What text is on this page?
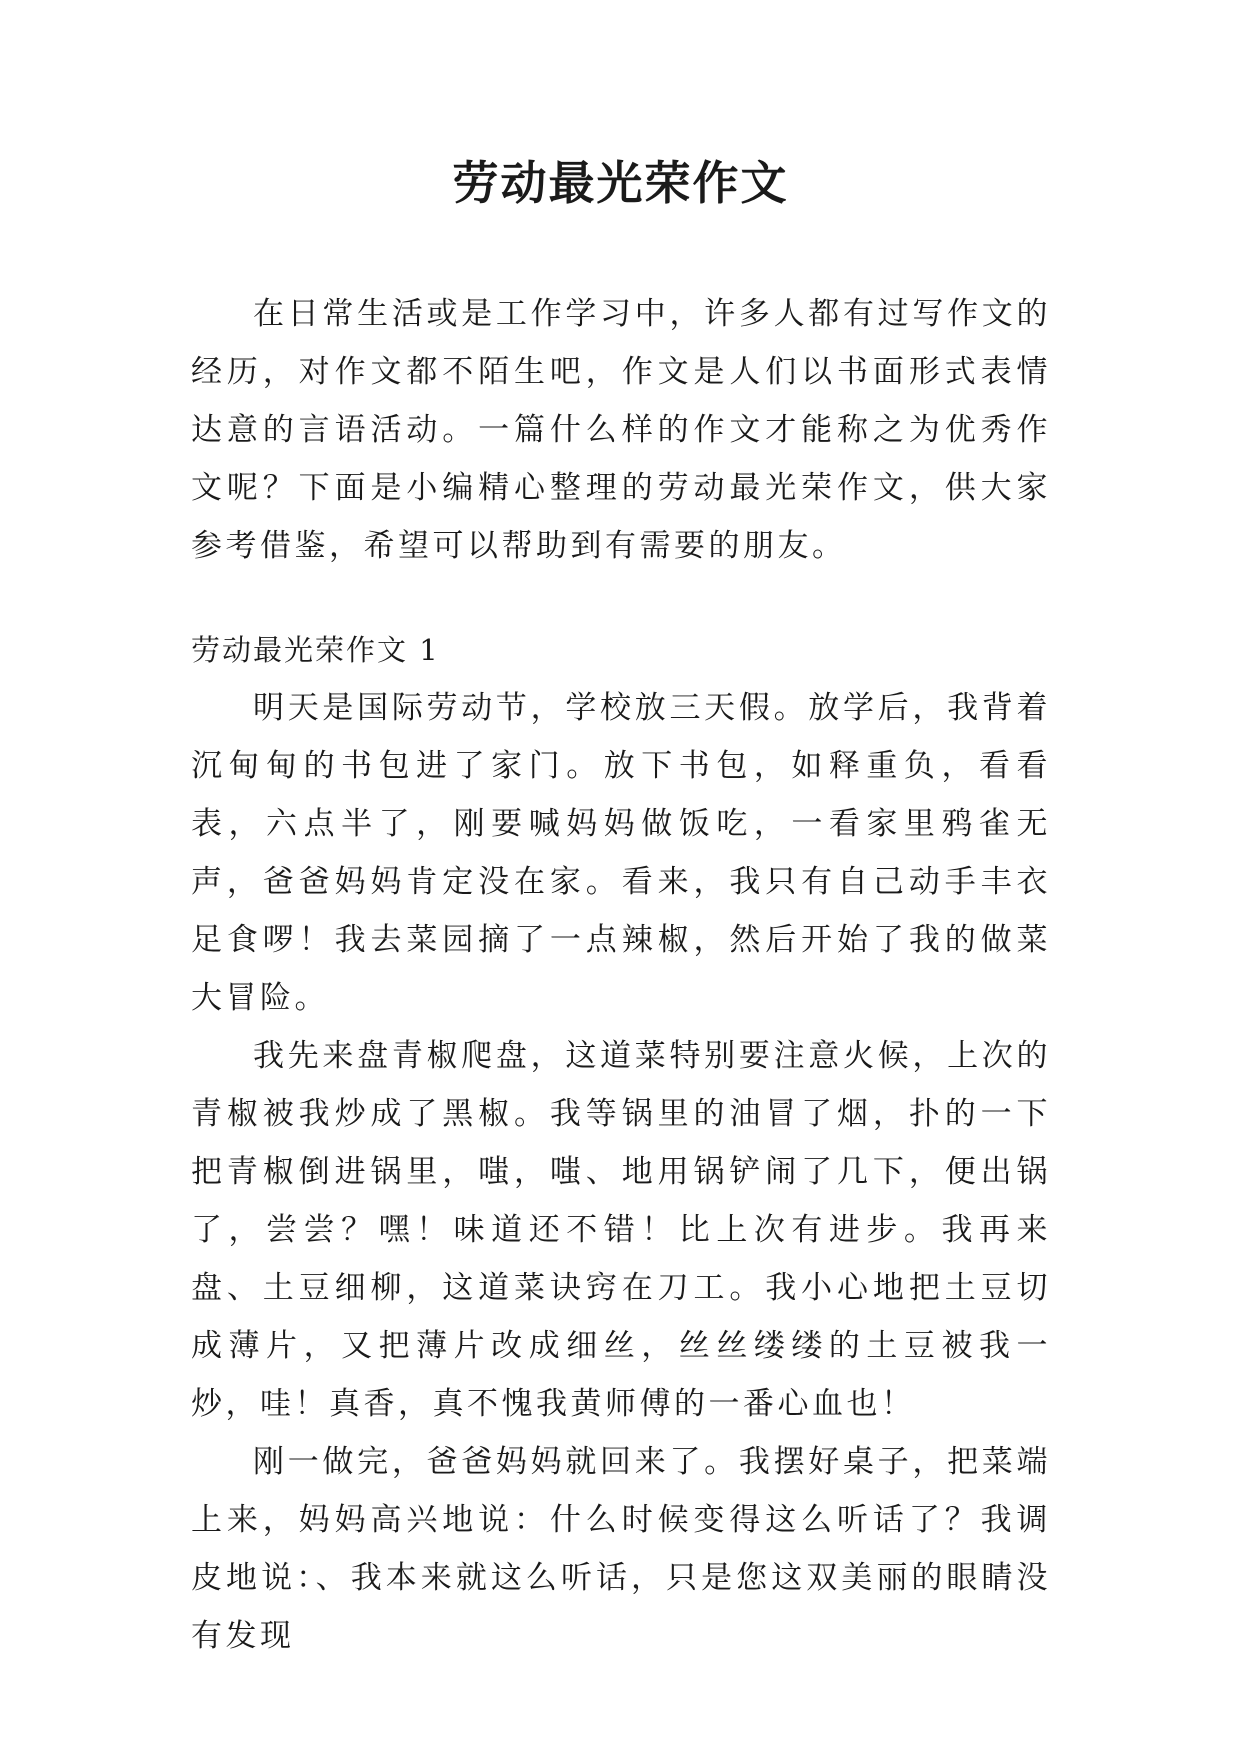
劳动最光荣作文

在日常生活或是工作学习中，许多人都有过写作文的经历，对作文都不陌生吧，作文是人们以书面形式表情达意的言语活动。一篇什么样的作文才能称之为优秀作文呢？下面是小编精心整理的劳动最光荣作文，供大家参考借鉴，希望可以帮助到有需要的朋友。

劳动最光荣作文 1

明天是国际劳动节，学校放三天假。放学后，我背着沉甸甸的书包进了家门。放下书包，如释重负，看看表，六点半了，刚要喊妈妈做饭吃，一看家里鸦雀无声，爸爸妈妈肯定没在家。看来，我只有自己动手丰衣足食啰！我去菜园摘了一点辣椒，然后开始了我的做菜大冒险。

我先来盘青椒爬盘，这道菜特别要注意火候，上次的青椒被我炒成了黑椒。我等锅里的油冒了烟，扑的一下把青椒倒进锅里，嗤，嗤、地用锅铲闹了几下，便出锅了，尝尝？嘿！味道还不错！比上次有进步。我再来盘、土豆细柳，这道菜诀窍在刀工。我小心地把土豆切成薄片，又把薄片改成细丝，丝丝缕缕的土豆被我一炒，哇！真香，真不愧我黄师傅的一番心血也！

刚一做完，爸爸妈妈就回来了。我摆好桌子，把菜端上来，妈妈高兴地说：什么时候变得这么听话了？我调皮地说：、我本来就这么听话，只是您这双美丽的眼睛没有发现
